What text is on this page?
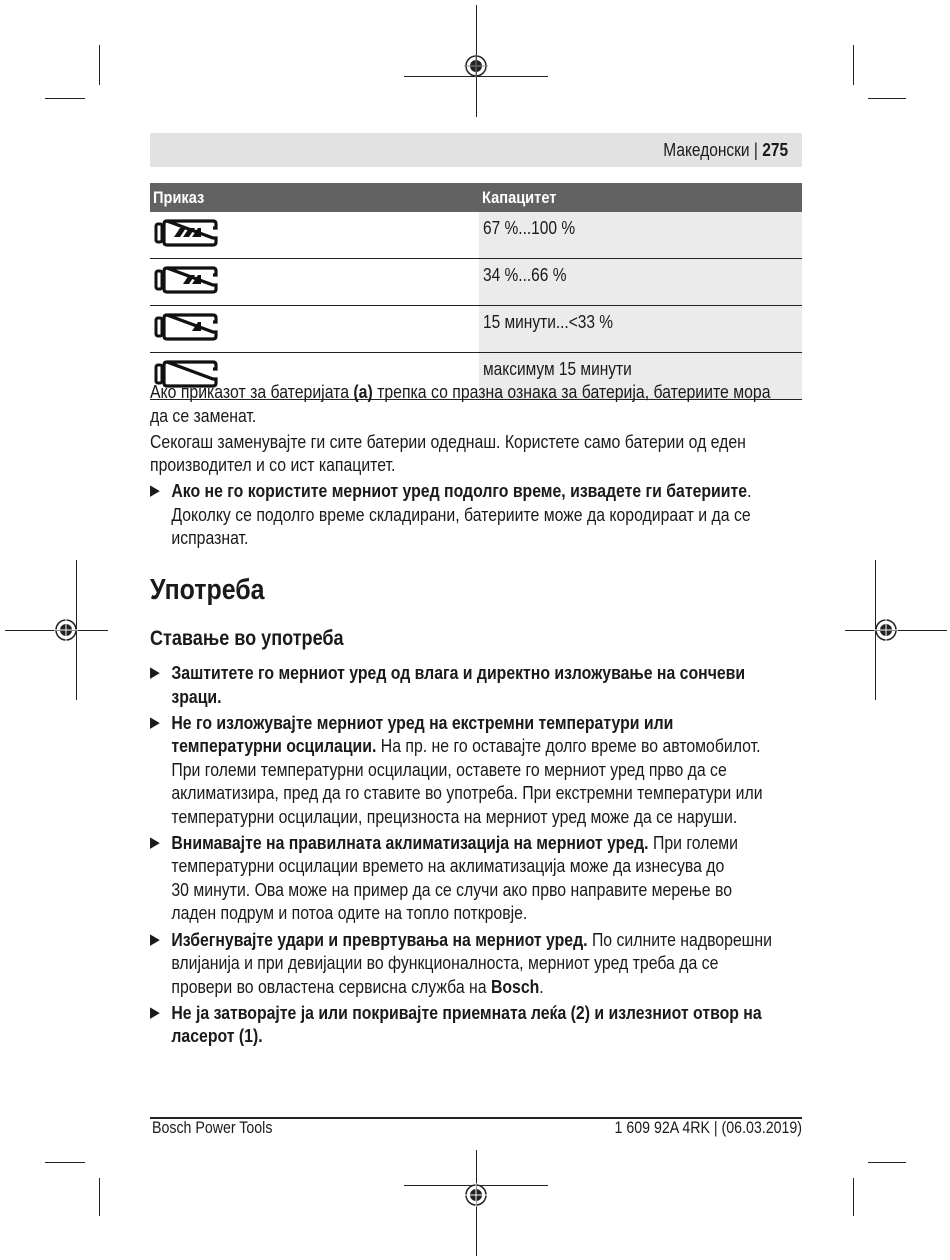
Македонски | 275
Приказ	Капацитет
	67 %...100 %
	34 %...66 %
	15 минути...<33 %
	максимум 15 минути
Ако приказот за батеријата (a) трепка со празна ознака за батерија, батериите мора
да се заменат.
Секогаш заменувајте ги сите батерии одеднаш. Користете само батерии од еден
производител и со ист капацитет.
▶ Ако не го користите мерниот уред подолго време, извадете ги батериите.
Доколку се подолго време складирани, батериите може да кородираат и да се
испразнат.
Употреба
Ставање во употреба
▶ Заштитете го мерниот уред од влага и директно изложување на сончеви
зраци.
▶ Не го изложувајте мерниот уред на екстремни температури или
температурни осцилации. На пр. не го оставајте долго време во автомобилот.
При големи температурни осцилации, оставете го мерниот уред прво да се
аклиматизира, пред да го ставите во употреба. При екстремни температури или
температурни осцилации, прецизноста на мерниот уред може да се наруши.
▶ Внимавајте на правилната аклиматизација на мерниот уред. При големи
температурни осцилации времето на аклиматизација може да изнесува до
30 минути. Ова може на пример да се случи ако прво направите мерење во
ладен подрум и потоа одите на топло поткровје.
▶ Избегнувајте удари и превртувања на мерниот уред. По силните надворешни
влијанија и при девијации во функционалноста, мерниот уред треба да се
провери во овластена сервисна служба на Bosch.
▶ Не ја затворајте ја или покривајте приемната леќа (2) и излезниот отвор на
ласерот (1).
Bosch Power Tools	1 609 92A 4RK | (06.03.2019)
